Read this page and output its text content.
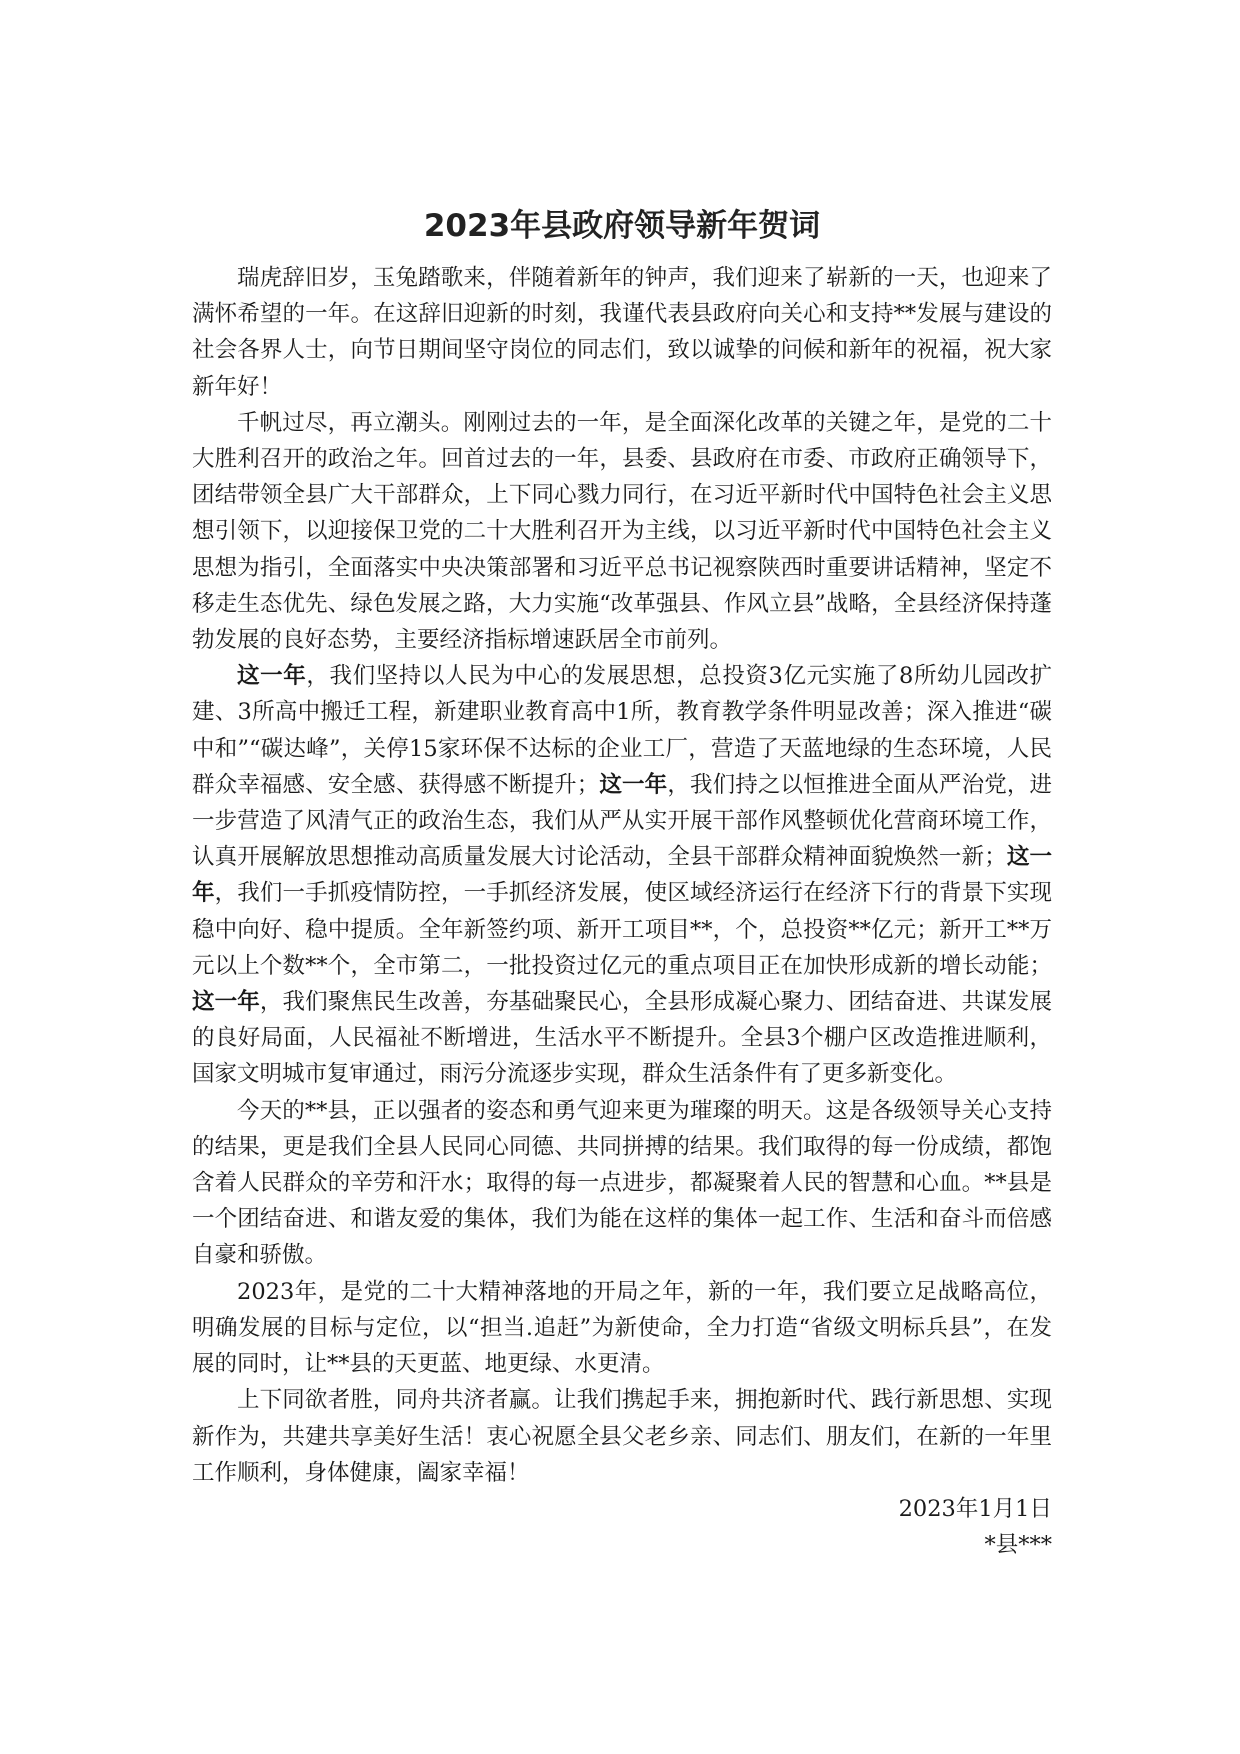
2023年县政府领导新年贺词

瑞虎辞旧岁，玉兔踏歌来，伴随着新年的钟声，我们迎来了崭新的一天，也迎来了满怀希望的一年。在这辞旧迎新的时刻，我谨代表县政府向关心和支持**发展与建设的社会各界人士，向节日期间坚守岗位的同志们，致以诚挚的问候和新年的祝福，祝大家新年好！

千帆过尽，再立潮头。刚刚过去的一年，是全面深化改革的关键之年，是党的二十大胜利召开的政治之年。回首过去的一年，县委、县政府在市委、市政府正确领导下，团结带领全县广大干部群众，上下同心戮力同行，在习近平新时代中国特色社会主义思想引领下，以迎接保卫党的二十大胜利召开为主线，以习近平新时代中国特色社会主义思想为指引，全面落实中央决策部署和习近平总书记视察陕西时重要讲话精神，坚定不移走生态优先、绿色发展之路，大力实施“改革强县、作风立县”战略，全县经济保持蓬勃发展的良好态势，主要经济指标增速跃居全市前列。

这一年，我们坚持以人民为中心的发展思想，总投资3亿元实施了8所幼儿园改扩建、3所高中搬迁工程，新建职业教育高中1所，教育教学条件明显改善；深入推进“碳中和”“碳达峰”，关停15家环保不达标的企业工厂，营造了天蓝地绿的生态环境，人民群众幸福感、安全感、获得感不断提升；这一年，我们持之以恒推进全面从严治党，进一步营造了风清气正的政治生态，我们从严从实开展干部作风整顿优化营商环境工作，认真开展解放思想推动高质量发展大讨论活动，全县干部群众精神面貌焕然一新；这一年，我们一手抓疫情防控，一手抓经济发展，使区域经济运行在经济下行的背景下实现稳中向好、稳中提质。全年新签约项、新开工项目**，个，总投资**亿元；新开工**万元以上个数**个，全市第二，一批投资过亿元的重点项目正在加快形成新的增长动能；这一年，我们聚焦民生改善，夯基础聚民心，全县形成凝心聚力、团结奋进、共谋发展的良好局面，人民福祉不断增进，生活水平不断提升。全县3个棚户区改造推进顺利，国家文明城市复审通过，雨污分流逐步实现，群众生活条件有了更多新变化。

今天的**县，正以强者的姿态和勇气迎来更为璀璨的明天。这是各级领导关心支持的结果，更是我们全县人民同心同德、共同拼搏的结果。我们取得的每一份成绩，都饱含着人民群众的辛劳和汗水；取得的每一点进步，都凝聚着人民的智慧和心血。**县是一个团结奋进、和谐友爱的集体，我们为能在这样的集体一起工作、生活和奋斗而倍感自豪和骄傲。

2023年，是党的二十大精神落地的开局之年，新的一年，我们要立足战略高位，明确发展的目标与定位，以“担当.追赶”为新使命，全力打造“省级文明标兵县”，在发展的同时，让**县的天更蓝、地更绿、水更清。

上下同欲者胜，同舟共济者赢。让我们携起手来，拥抱新时代、践行新思想、实现新作为，共建共享美好生活！衷心祝愿全县父老乡亲、同志们、朋友们，在新的一年里工作顺利，身体健康，阖家幸福！

2023年1月1日

*县***
